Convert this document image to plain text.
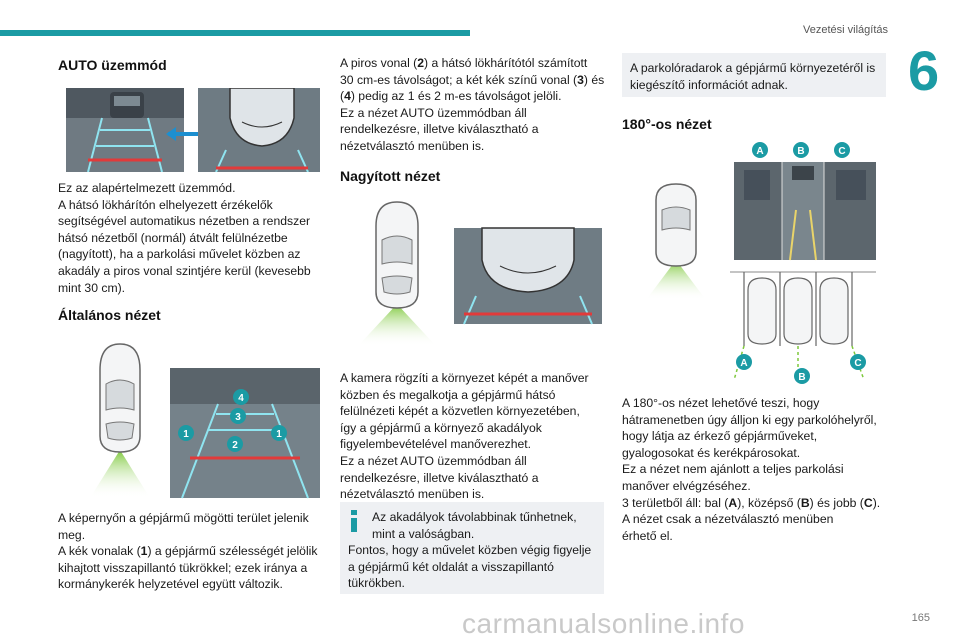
Vezetési világítás
6
AUTO üzemmód

Ez az alapértelmezett üzemmód.

A hátsó lökhárítón elhelyezett érzékelők

segítségével automatikus nézetben a rendszer

hátsó nézetből (normál) átvált felülnézetbe

(nagyított), ha a parkolási művelet közben az

akadály a piros vonal szintjére kerül (kevesebb

mint 30 cm).

Általános nézet
4
3
1
2
1

A képernyőn a gépjármű mögötti terület jelenik

meg.

A kék vonalak (1) a gépjármű szélességét jelölik

kihajtott visszapillantó tükrökkel; ezek iránya a

kormánykerék helyzetével együtt változik.

A piros vonal (2) a hátsó lökhárítótól számított

30 cm-es távolságot; a két kék színű vonal (3) és

(4) pedig az 1 és 2 m-es távolságot jelöli.

Ez a nézet AUTO üzemmódban áll

rendelkezésre, illetve kiválasztható a

nézetválasztó menüben is.

Nagyított nézet

A kamera rögzíti a környezet képét a manőver

közben és megalkotja a gépjármű hátsó

felülnézeti képét a közvetlen környezetében,

így a gépjármű a környező akadályok

figyelembevételével manőverezhet.

Ez a nézet AUTO üzemmódban áll

rendelkezésre, illetve kiválasztható a

nézetválasztó menüben is.

Az akadályok távolabbinak tűnhetnek,

mint a valóságban.

Fontos, hogy a művelet közben végig figyelje

a gépjármű két oldalát a visszapillantó

tükrökben.

A parkolóradarok a gépjármű környezetéről is

kiegészítő információt adnak.

180°-os nézet
A	B	C
A
B
C

A 180°-os nézet lehetővé teszi, hogy

hátramenetben úgy álljon ki egy parkolóhelyről,

hogy látja az érkező gépjárműveket,

gyalogosokat és kerékpárosokat.

Ez a nézet nem ajánlott a teljes parkolási

manőver elvégzéséhez.

3 területből áll: bal (A), középső (B) és jobb (C).

A nézet csak a nézetválasztó menüben

érhető el.

carmanualsonline.info	165
